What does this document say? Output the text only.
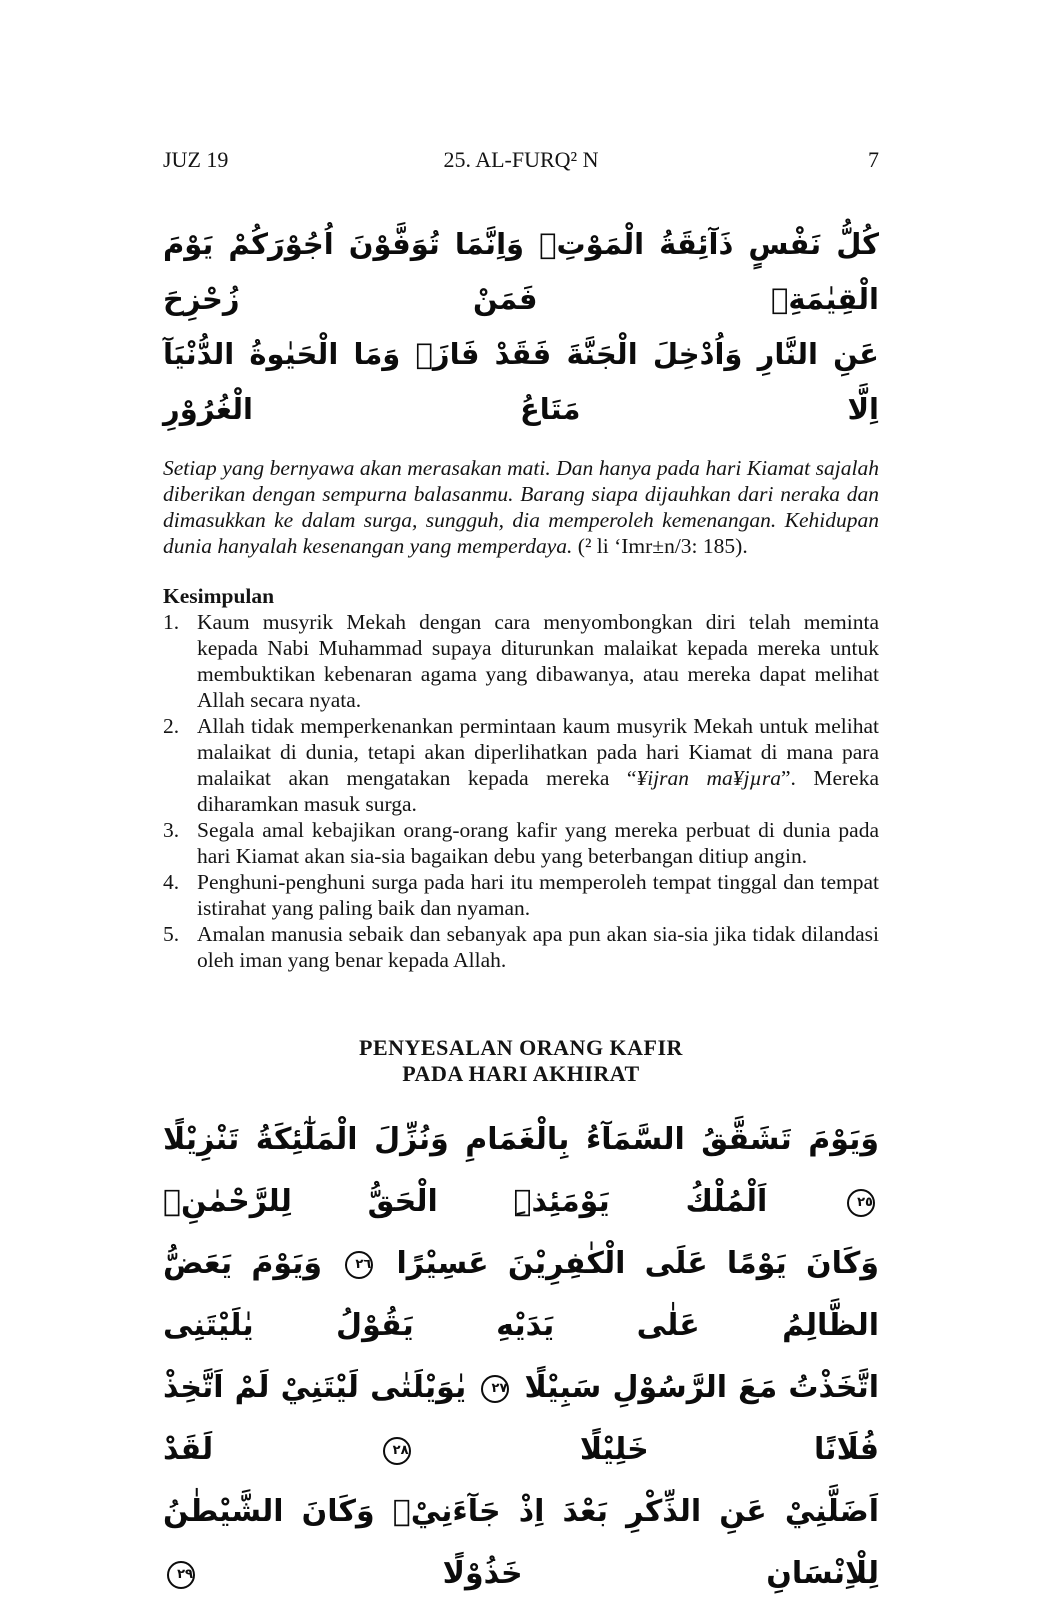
JUZ 19	25. AL-FURQ² N	7
كُلُّ نَفْسٍ ذَآئِقَةُ الْمَوْتِۗ وَاِنَّمَا تُوَفَّوْنَ اُجُوْرَكُمْ يَوْمَ الْقِيٰمَةِۗ فَمَنْ زُحْزِحَ
عَنِ النَّارِ وَاُدْخِلَ الْجَنَّةَ فَقَدْ فَازَۗ وَمَا الْحَيٰوةُ الدُّنْيَآ اِلَّا مَتَاعُ الْغُرُوْرِ

Setiap yang bernyawa akan merasakan mati. Dan hanya pada hari Kiamat sajalah diberikan dengan sempurna balasanmu. Barang siapa dijauhkan dari neraka dan dimasukkan ke dalam surga, sungguh, dia memperoleh kemenangan. Kehidupan dunia hanyalah kesenangan yang memperdaya. (² li ‘Imr±n/3: 185).

Kesimpulan
1. Kaum musyrik Mekah dengan cara menyombongkan diri telah meminta kepada Nabi Muhammad supaya diturunkan malaikat kepada mereka untuk membuktikan kebenaran agama yang dibawanya, atau mereka dapat melihat Allah secara nyata.
2. Allah tidak memperkenankan permintaan kaum musyrik Mekah untuk melihat malaikat di dunia, tetapi akan diperlihatkan pada hari Kiamat di mana para malaikat akan mengatakan kepada mereka “¥ijran ma¥jµra”. Mereka diharamkan masuk surga.
3. Segala amal kebajikan orang-orang kafir yang mereka perbuat di dunia pada hari Kiamat akan sia-sia bagaikan debu yang beterbangan ditiup angin.
4. Penghuni-penghuni surga pada hari itu memperoleh tempat tinggal dan tempat istirahat yang paling baik dan nyaman.
5. Amalan manusia sebaik dan sebanyak apa pun akan sia-sia jika tidak dilandasi oleh iman yang benar kepada Allah.
PENYESALAN ORANG KAFIR
PADA HARI AKHIRAT
وَيَوْمَ تَشَقَّقُ السَّمَآءُ بِالْغَمَامِ وَنُزِّلَ الْمَلٰٓئِكَةُ تَنْزِيْلًا ٢٥ اَلْمُلْكُ يَوْمَئِذِۨ الْحَقُّ لِلرَّحْمٰنِۗ
وَكَانَ يَوْمًا عَلَى الْكٰفِرِيْنَ عَسِيْرًا ٢٦ وَيَوْمَ يَعَضُّ الظَّالِمُ عَلٰى يَدَيْهِ يَقُوْلُ يٰلَيْتَنِى
اتَّخَذْتُ مَعَ الرَّسُوْلِ سَبِيْلًا ٢٧ يٰوَيْلَتٰى لَيْتَنِيْ لَمْ اَتَّخِذْ فُلَانًا خَلِيْلًا ٢٨ لَقَدْ
اَضَلَّنِيْ عَنِ الذِّكْرِ بَعْدَ اِذْ جَآءَنِيْۗ وَكَانَ الشَّيْطٰنُ لِلْاِنْسَانِ خَذُوْلًا ٢٩
